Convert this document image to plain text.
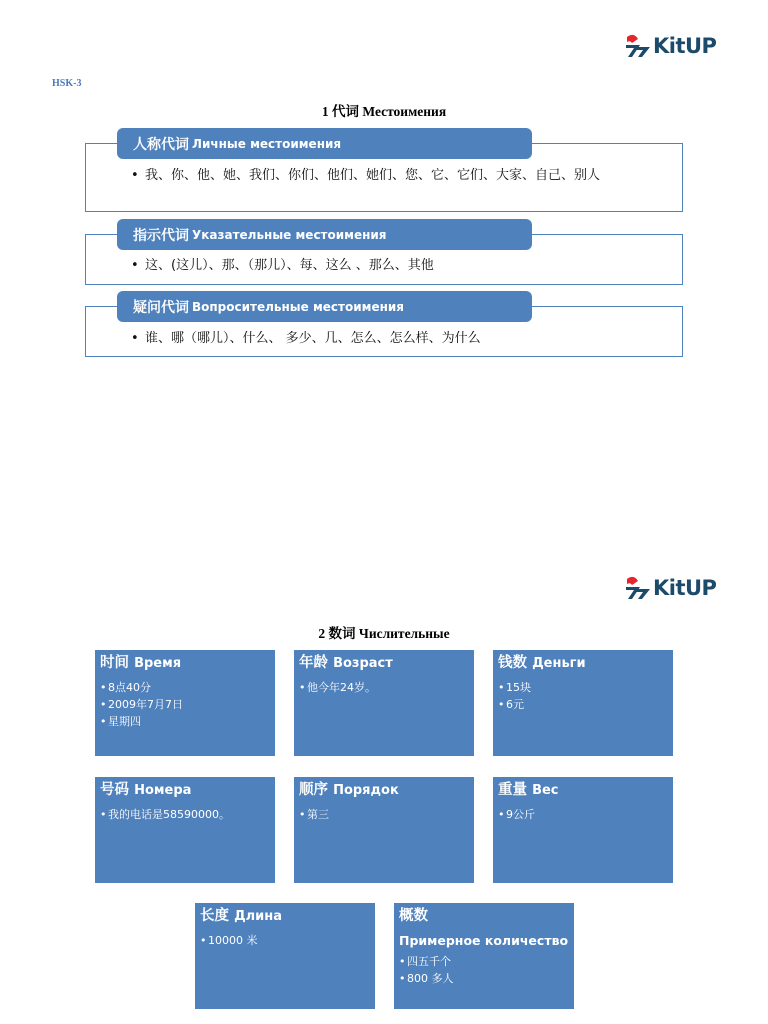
KitUP
HSK-3
1 代词 Местоимения
人称代词 Личные местоимения
• 我、你、他、她、我们、你们、他们、她们、您、它、它们、大家、自己、别人
指示代词 Указательные местоимения
• 这、(这儿）、那、（那儿）、每、这么 、那么、其他
疑问代词 Вопросительные местоимения
• 谁、哪（哪儿）、什么、 多少、几、怎么、怎么样、为什么
KitUP
2 数词 Числительные
时间 Время
• 8点40分
• 2009年7月7日
• 星期四
年龄 Возраст
• 他今年24岁。
钱数 Деньги
• 15块
• 6元
号码 Номера
• 我的电话是58590000。
顺序 Порядок
• 第三
重量 Вес
• 9公斤
长度 Длина
• 10000 米
概数
Примерное количество
• 四五千个
• 800 多人
